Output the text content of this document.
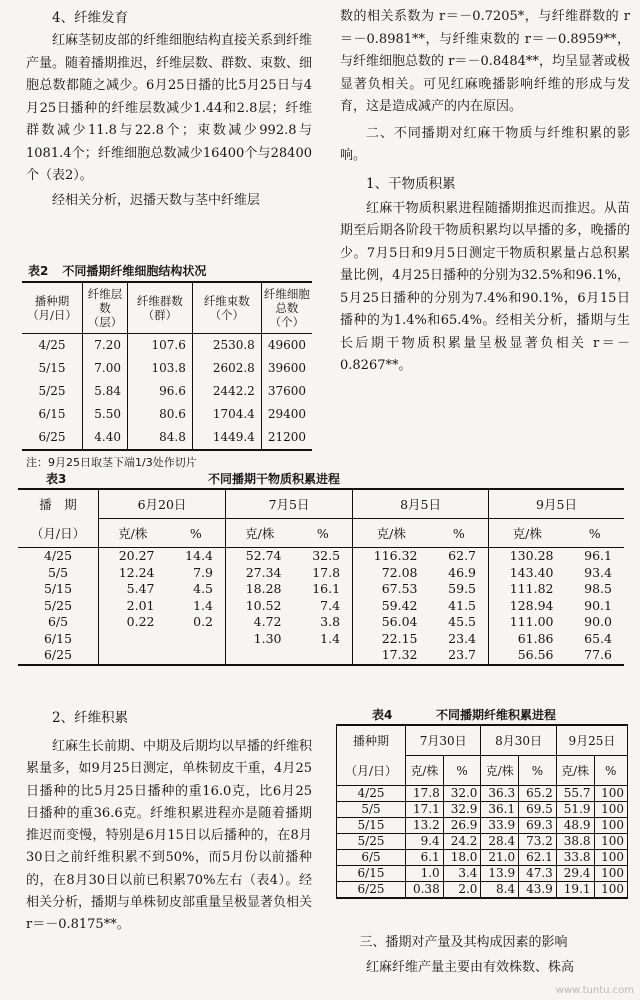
4、纤维发育

红麻茎韧皮部的纤维细胞结构直接关系到纤维产量。随着播期推迟，纤维层数、群数、束数、细胞总数都随之减少。6月25日播的比5月25日与4月25日播种的纤维层数减少1.44和2.8层；纤维群数减少11.8与22.8个；束数减少992.8与1081.4个；纤维细胞总数减少16400个与28400个（表2）。

经相关分析，迟播天数与茎中纤维层

表2 不同播期纤维细胞结构状况
播种期（月/日）	纤维层数（层）	纤维群数（群）	纤维束数（个）	纤维细胞总数（个）
4/25	7.20	107.6	2530.8	49600
5/15	7.00	103.8	2602.8	39600
5/25	5.84	96.6	2442.2	37600
6/15	5.50	80.6	1704.4	29400
6/25	4.40	84.8	1449.4	21200
注：9月25日取茎下端1/3处作切片

数的相关系数为 r＝－0.7205*，与纤维群数的 r＝－0.8981**，与纤维束数的 r＝－0.8959**，与纤维细胞总数的 r＝－0.8484**，均呈显著或极显著负相关。可见红麻晚播影响纤维的形成与发育，这是造成减产的内在原因。

二、不同播期对红麻干物质与纤维积累的影响。

1、干物质积累

红麻干物质积累进程随播期推迟而推迟。从苗期至后期各阶段干物质积累均以早播的多，晚播的少。7月5日和9月5日测定干物质积累量占总积累量比例，4月25日播种的分别为32.5%和96.1%，5月25日播种的分别为7.4%和90.1%，6月15日播种的为1.4%和65.4%。经相关分析，播期与生长后期干物质积累量呈极显著负相关 r＝－0.8267**。

表3	不同播期干物质积累进程
播　期	6月20日		7月5日		8月5日		9月5日	
（月/日）	克/株	%	克/株	%	克/株	%	克/株	%
4/25	20.27	14.4	52.74	32.5	116.32	62.7	130.28	96.1
5/5	12.24	7.9	27.34	17.8	72.08	46.9	143.40	93.4
5/15	5.47	4.5	18.28	16.1	67.53	59.5	111.82	98.5
5/25	2.01	1.4	10.52	7.4	59.42	41.5	128.94	90.1
6/5	0.22	0.2	4.72	3.8	56.04	45.5	111.00	90.0
6/15			1.30	1.4	22.15	23.4	61.86	65.4
6/25					17.32	23.7	56.56	77.6
2、纤维积累

红麻生长前期、中期及后期均以早播的纤维积累量多，如9月25日测定，单株韧皮干重，4月25日播种的比5月25日播种的重16.0克，比6月25日播种的重36.6克。纤维积累进程亦是随着播期推迟而变慢，特别是6月15日以后播种的，在8月30日之前纤维积累不到50%，而5月份以前播种的，在8月30日以前已积累70%左右（表4）。经相关分析，播期与单株韧皮部重量呈极显著负相关 r＝－0.8175**。

表4	不同播期纤维积累进程
播种期	7月30日		8月30日		9月25日	
（月/日）	克/株	%	克/株	%	克/株	%
4/25	17.8	32.0	36.3	65.2	55.7	100
5/5	17.1	32.9	36.1	69.5	51.9	100
5/15	13.2	26.9	33.9	69.3	48.9	100
5/25	9.4	24.2	28.4	73.2	38.8	100
6/5	6.1	18.0	21.0	62.1	33.8	100
6/15	1.0	3.4	13.9	47.3	29.4	100
6/25	0.38	2.0	8.4	43.9	19.1	100

三、播期对产量及其构成因素的影响

红麻纤维产量主要由有效株数、株高

www.tuntu.com
